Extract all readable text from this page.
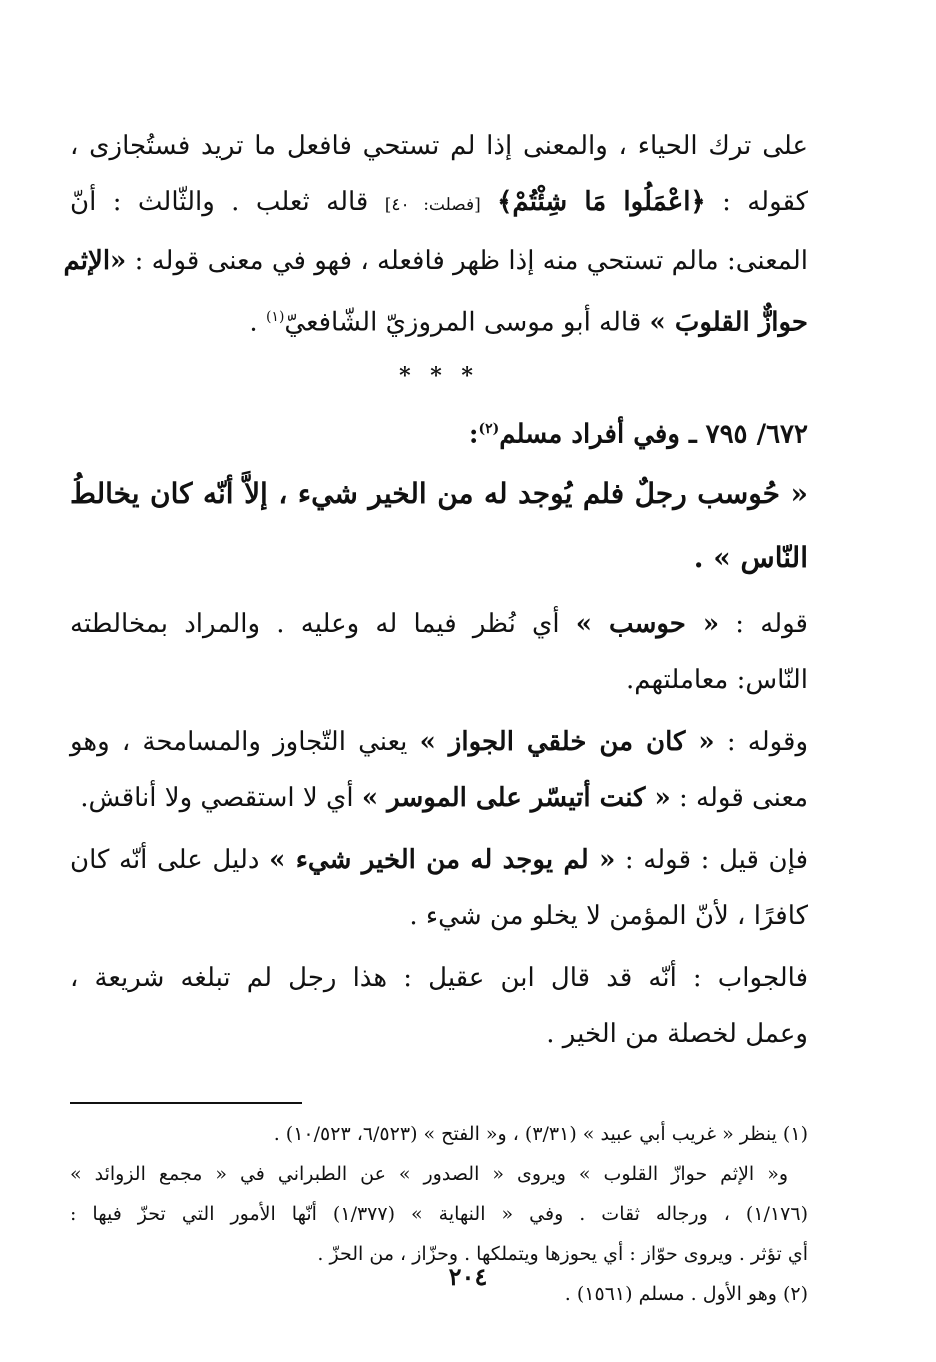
على ترك الحياء ، والمعنى إذا لم تستحي فافعل ما تريد فستُجازى ،
كقوله : ﴿اعْمَلُوا مَا شِئْتُمْ﴾ [فصلت: ٤٠] قاله ثعلب . والثّالث : أنّ
المعنى: مالم تستحي منه إذا ظهر فافعله ، فهو في معنى قوله : «الإثم
حوازٌّ القلوبَ » قاله أبو موسى المروزيّ الشّافعيّ$^{(١)}$ .
* * *
٦٧٢/ ٧٩٥ ـ وفي أفراد مسلم$^{(٢)}$:
« حُوسب رجلٌ فلم يُوجد له من الخير شيء ، إلاَّ أنّه كان يخالطُ
النّاس » .
قوله : « حوسب » أي نُظر فيما له وعليه . والمراد بمخالطته
النّاس: معاملتهم.
وقوله : « كان من خلقي الجواز » يعني التّجاوز والمسامحة ، وهو
معنى قوله : « كنت أتيسّر على الموسر » أي لا استقصي ولا أناقش.
فإن قيل : قوله : « لم يوجد له من الخير شيء » دليل على أنّه كان
كافرًا ، لأنّ المؤمن لا يخلو من شيء .
فالجواب : أنّه قد قال ابن عقيل : هذا رجل لم تبلغه شريعة ،
وعمل لخصلة من الخير .
(١) ينظر « غريب أبي عبيد » (٣/٣١) ، و« الفتح » (٦/٥٢٣، ١٠/٥٢٣) .
و« الإثم حوازّ القلوب » ويروى « الصدور » عن الطبراني في « مجمع الزوائد »
(١/١٧٦) ، ورجاله ثقات . وفي « النهاية » (١/٣٧٧) أنّها الأمور التي تحزّ فيها :
أي تؤثر . ويروى حوّاز : أي يحوزها ويتملكها . وحزّاز ، من الحزّ .
(٢) وهو الأول . مسلم (١٥٦١) .
٢٠٤
